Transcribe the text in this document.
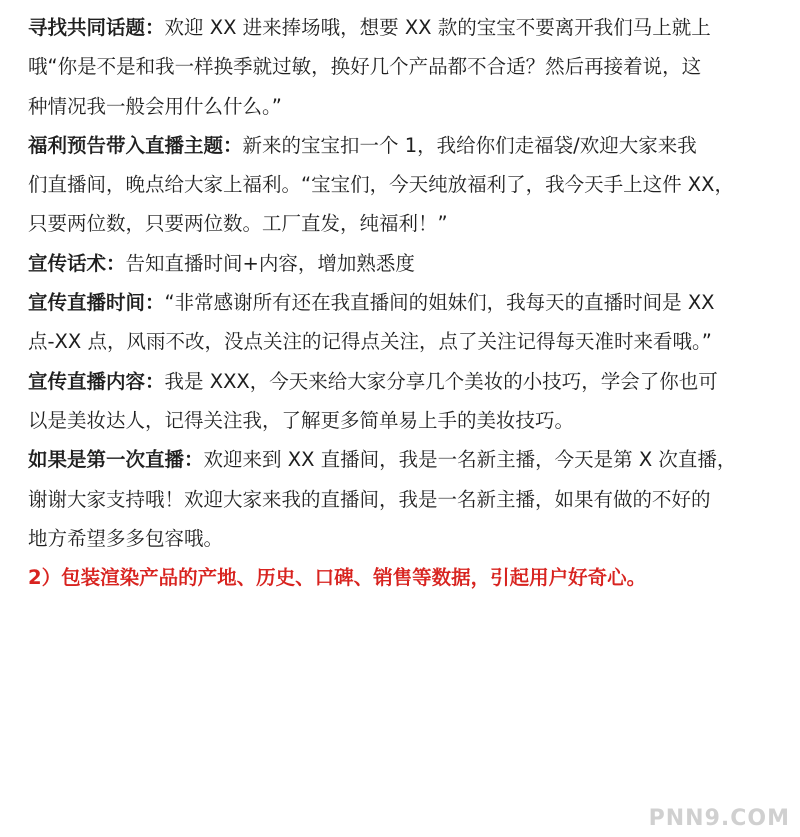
寻找共同话题：欢迎 XX 进来捧场哦，想要 XX 款的宝宝不要离开我们马上就上
哦“你是不是和我一样换季就过敏，换好几个产品都不合适？然后再接着说，这
种情况我一般会用什么什么。”
福利预告带入直播主题：新来的宝宝扣一个 1，我给你们走福袋/欢迎大家来我
们直播间，晚点给大家上福利。“宝宝们，今天纯放福利了，我今天手上这件 XX，
只要两位数，只要两位数。工厂直发，纯福利！”
宣传话术：告知直播时间+内容，增加熟悉度
宣传直播时间：“非常感谢所有还在我直播间的姐妹们，我每天的直播时间是 XX
点-XX 点，风雨不改，没点关注的记得点关注，点了关注记得每天准时来看哦。”
宣传直播内容：我是 XXX，今天来给大家分享几个美妆的小技巧，学会了你也可
以是美妆达人，记得关注我，了解更多简单易上手的美妆技巧。
如果是第一次直播：欢迎来到 XX 直播间，我是一名新主播，今天是第 X 次直播，
谢谢大家支持哦！欢迎大家来我的直播间，我是一名新主播，如果有做的不好的
地方希望多多包容哦。
2）包装渲染产品的产地、历史、口碑、销售等数据，引起用户好奇心。
PNN9.COM
